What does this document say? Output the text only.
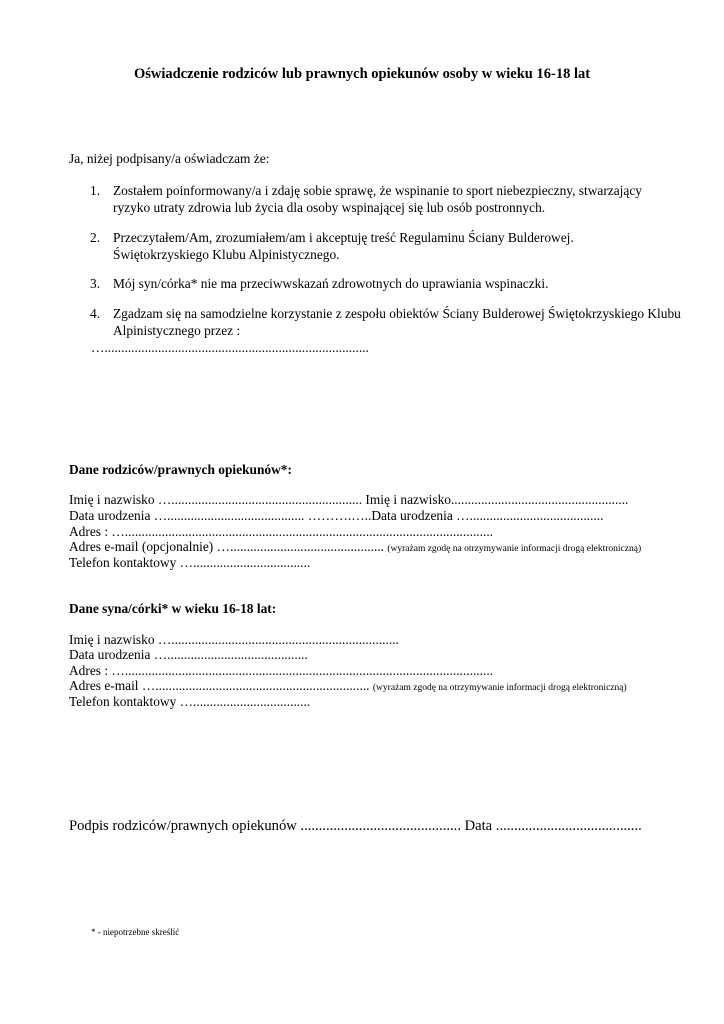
Oświadczenie rodziców lub prawnych opiekunów osoby w wieku 16-18 lat
Ja, niżej podpisany/a oświadczam że:
1. Zostałem poinformowany/a i zdaję sobie sprawę, że wspinanie to sport niebezpieczny, stwarzający ryzyko utraty zdrowia lub życia dla osoby wspinającej się lub osób postronnych.
2. Przeczytałem/Am, zrozumiałem/am i akceptuję treść Regulaminu Ściany Bulderowej. Świętokrzyskiego Klubu Alpinistycznego.
3. Mój syn/córka* nie ma przeciwwskazań zdrowotnych do uprawiania wspinaczki.
4. Zgadzam się na samodzielne korzystanie z zespołu obiektów Ściany Bulderowej Świętokrzyskiego Klubu Alpinistycznego przez :
…...............................................................................
Dane rodziców/prawnych opiekunów*:
Imię i nazwisko …......................................................... Imię i nazwisko.....................................................
Data urodzenia …......................................... ……….…..Data urodzenia …........................................
Adres : …..............................................................................................................
Adres e-mail (opcjonalnie) ….............................................. (wyrażam zgodę na otrzymywanie informacji drogą elektroniczną)
Telefon kontaktowy …...................................
Dane syna/córki* w wieku 16-18 lat:
Imię i nazwisko …....................................................................
Data urodzenia …..........................................
Adres : …..............................................................................................................
Adres e-mail …................................................................ (wyrażam zgodę na otrzymywanie informacji drogą elektroniczną)
Telefon kontaktowy …...................................
Podpis rodziców/prawnych opiekunów ............................................ Data ........................................
* - niepotrzebne skreślić
